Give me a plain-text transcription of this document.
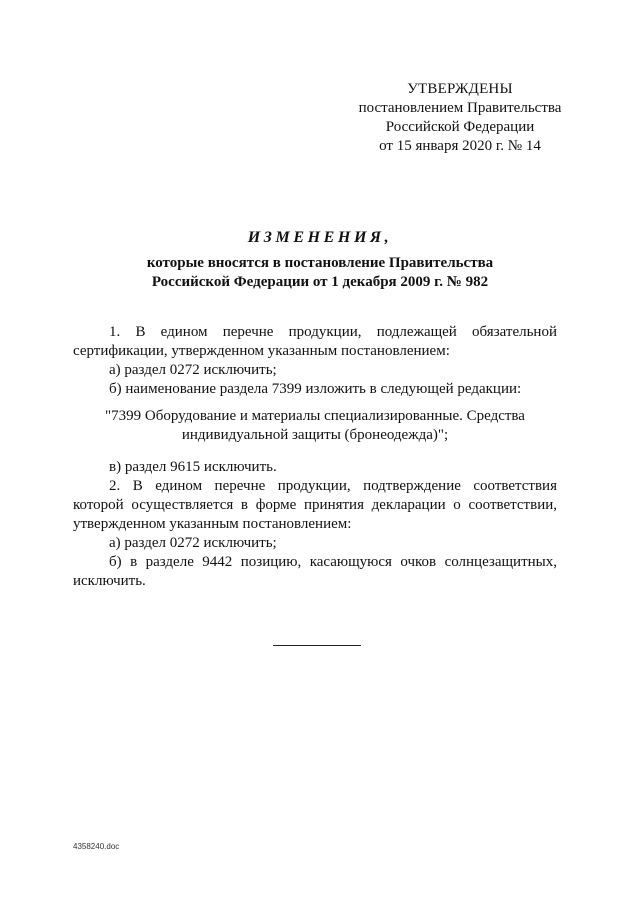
УТВЕРЖДЕНЫ
постановлением Правительства
Российской Федерации
от 15 января 2020 г. № 14
ИЗМЕНЕНИЯ,
которые вносятся в постановление Правительства
Российской Федерации от 1 декабря 2009 г. № 982
1. В едином перечне продукции, подлежащей обязательной сертификации, утвержденном указанным постановлением:
а) раздел 0272 исключить;
б) наименование раздела 7399 изложить в следующей редакции:
"7399 Оборудование и материалы специализированные. Средства
индивидуальной защиты (бронеодежда)";
в) раздел 9615 исключить.
2. В едином перечне продукции, подтверждение соответствия которой осуществляется в форме принятия декларации о соответствии, утвержденном указанным постановлением:
а) раздел 0272 исключить;
б) в разделе 9442 позицию, касающуюся очков солнцезащитных, исключить.
4358240.doc
